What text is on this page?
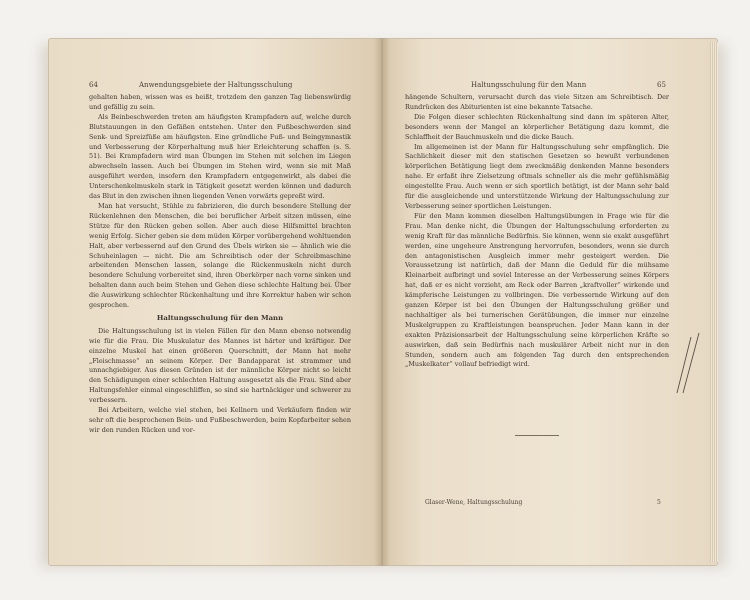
64	Anwendungsgebiete der Haltungsschulung

gehalten haben, wissen was es heißt, trotzdem den ganzen Tag liebenswürdig und gefällig zu sein.

Als Beinbeschwerden treten am häufigsten Krampfadern auf, welche durch Blutstauungen in den Gefäßen entstehen. Unter den Fußbeschwerden sind Senk- und Spreizfüße am häufigsten. Eine gründliche Fuß- und Beingymnastik und Verbesserung der Körperhaltung muß hier Erleichterung schaffen (s. S. 51). Bei Krampfadern wird man Übungen im Stehen mit solchen im Liegen abwechseln lassen. Auch bei Übungen im Stehen wird, wenn sie mit Maß ausgeführt werden, insofern den Krampfadern entgegenwirkt, als dabei die Unterschenkelmuskeln stark in Tätigkeit gesetzt werden können und dadurch das Blut in den zwischen ihnen liegenden Venen vorwärts gepreßt wird.

Man hat versucht, Stühle zu fabrizieren, die durch besondere Stellung der Rückenlehnen den Menschen, die bei beruflicher Arbeit sitzen müssen, eine Stütze für den Rücken geben sollen. Aber auch diese Hilfsmittel brachten wenig Erfolg. Sicher geben sie dem müden Körper vorübergehend wohltuenden Halt, aber verbessernd auf den Grund des Übels wirken sie — ähnlich wie die Schuheinlagen — nicht. Die am Schreibtisch oder der Schreibmaschine arbeitenden Menschen lassen, solange die Rückenmuskeln nicht durch besondere Schulung vorbereitet sind, ihren Oberkörper nach vorne sinken und behalten dann auch beim Stehen und Gehen diese schlechte Haltung bei. Über die Auswirkung schlechter Rückenhaltung und ihre Korrektur haben wir schon gesprochen.

Haltungsschulung für den Mann

Die Haltungsschulung ist in vielen Fällen für den Mann ebenso notwendig wie für die Frau. Die Muskulatur des Mannes ist härter und kräftiger. Der einzelne Muskel hat einen größeren Querschnitt, der Mann hat mehr „Fleischmasse“ an seinem Körper. Der Bandapparat ist strammer und unnachgiebiger. Aus diesen Gründen ist der männliche Körper nicht so leicht den Schädigungen einer schlechten Haltung ausgesetzt als die Frau. Sind aber Haltungsfehler einmal eingeschliffen, so sind sie hartnäckiger und schwerer zu verbessern.

Bei Arbeitern, welche viel stehen, bei Kellnern und Verkäufern finden wir sehr oft die besprochenen Bein- und Fußbeschwerden, beim Kopfarbeiter sehen wir den runden Rücken und vor-

Haltungsschulung für den Mann	65

hängende Schultern, verursacht durch das viele Sitzen am Schreibtisch. Der Rundrücken des Abiturienten ist eine bekannte Tatsache.

Die Folgen dieser schlechten Rückenhaltung sind dann im späteren Alter, besonders wenn der Mangel an körperlicher Betätigung dazu kommt, die Schlaffheit der Bauchmuskeln und die dicke Bauch.

Im allgemeinen ist der Mann für Haltungsschulung sehr empfänglich. Die Sachlichkeit dieser mit den statischen Gesetzen so bewußt verbundenen körperlichen Betätigung liegt dem zweckmäßig denkenden Manne besonders nahe. Er erfaßt ihre Zielsetzung oftmals schneller als die mehr gefühlsmäßig eingestellte Frau. Auch wenn er sich sportlich betätigt, ist der Mann sehr bald für die ausgleichende und unterstützende Wirkung der Haltungsschulung zur Verbesserung seiner sportlichen Leistungen.

Für den Mann kommen dieselben Haltungsübungen in Frage wie für die Frau. Man denke nicht, die Übungen der Haltungsschulung erforderten zu wenig Kraft für das männliche Bedürfnis. Sie können, wenn sie exakt ausgeführt werden, eine ungeheure Anstrengung hervorrufen, besonders, wenn sie durch den antagonistischen Ausgleich immer mehr gesteigert werden. Die Voraussetzung ist natürlich, daß der Mann die Geduld für die mühsame Kleinarbeit aufbringt und soviel Interesse an der Verbesserung seines Körpers hat, daß er es nicht vorzieht, am Reck oder Barren „kraftvoller“ wirkende und kämpferische Leistungen zu vollbringen. Die verbessernde Wirkung auf den ganzen Körper ist bei den Übungen der Haltungsschulung größer und nachhaltiger als bei turnerischen Gerätübungen, die immer nur einzelne Muskelgruppen zu Kraftleistungen beanspruchen. Jeder Mann kann in der exakten Präzisionsarbeit der Haltungsschulung seine körperlichen Kräfte so auswirken, daß sein Bedürfnis nach muskulärer Arbeit nicht nur in den Stunden, sondern auch am folgenden Tag durch den entsprechenden „Muskelkater“ vollauf befriedigt wird.

Glaser-Wene, Haltungsschulung	5
